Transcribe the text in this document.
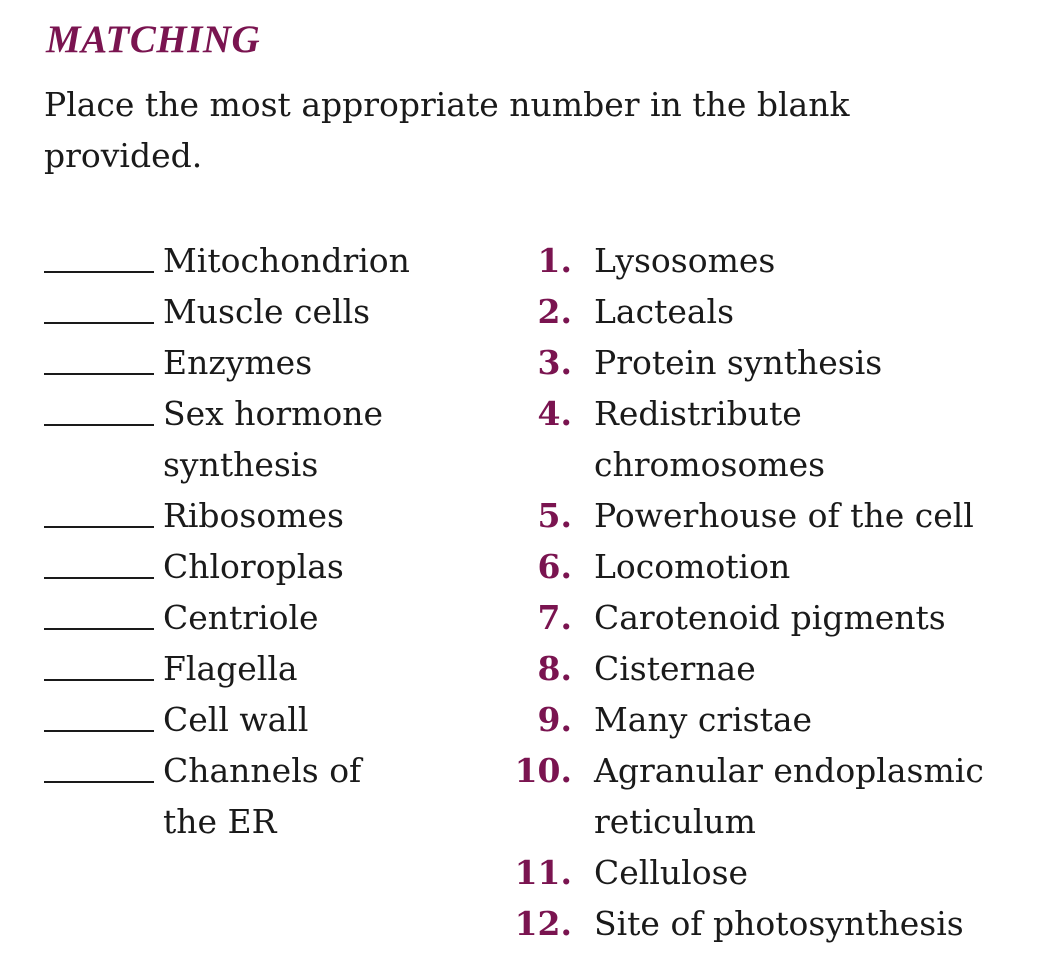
MATCHING
Place the most appropriate number in the blank provided.
Mitochondrion
Muscle cells
Enzymes
Sex hormone synthesis
Ribosomes
Chloroplas
Centriole
Flagella
Cell wall
Channels of the ER
1. Lysosomes
2. Lacteals
3. Protein synthesis
4. Redistribute chromosomes
5. Powerhouse of the cell
6. Locomotion
7. Carotenoid pigments
8. Cisternae
9. Many cristae
10. Agranular endoplasmic reticulum
11. Cellulose
12. Site of photosynthesis
